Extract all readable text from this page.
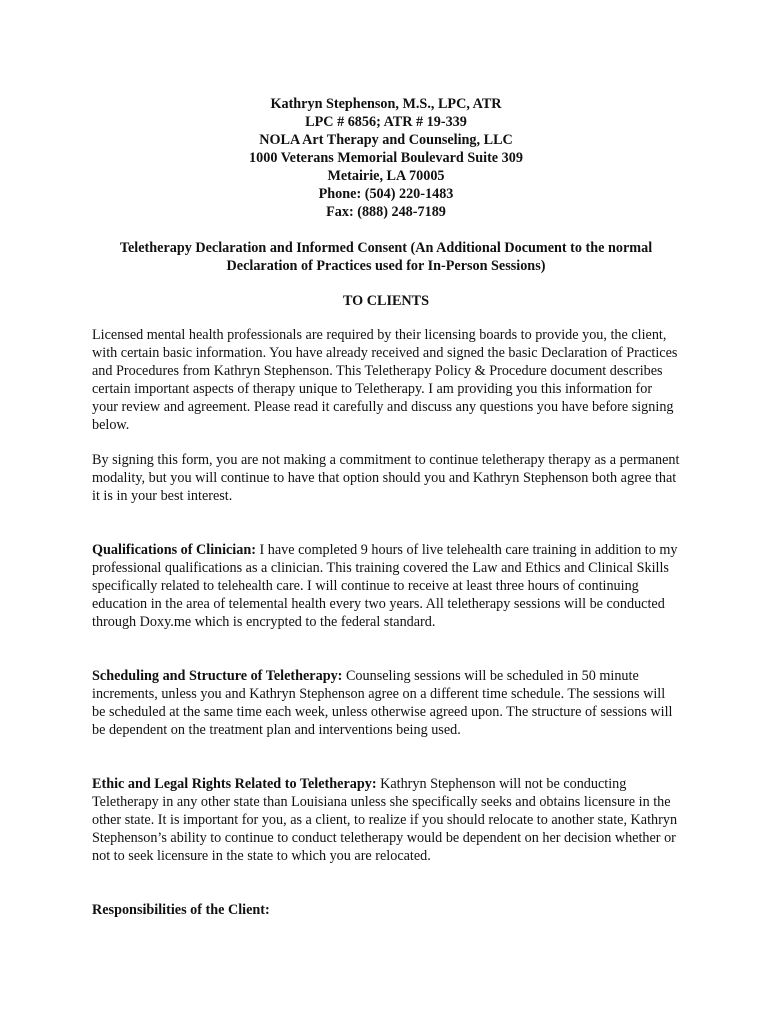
Kathryn Stephenson, M.S., LPC, ATR
LPC # 6856; ATR # 19-339
NOLA Art Therapy and Counseling, LLC
1000 Veterans Memorial Boulevard Suite 309
Metairie, LA 70005
Phone: (504) 220-1483
Fax: (888) 248-7189
Teletherapy Declaration and Informed Consent (An Additional Document to the normal Declaration of Practices used for In-Person Sessions)
TO CLIENTS

Licensed mental health professionals are required by their licensing boards to provide you, the client, with certain basic information. You have already received and signed the basic Declaration of Practices and Procedures from Kathryn Stephenson. This Teletherapy Policy & Procedure document describes certain important aspects of therapy unique to Teletherapy. I am providing you this information for your review and agreement. Please read it carefully and discuss any questions you have before signing below.

By signing this form, you are not making a commitment to continue teletherapy therapy as a permanent modality, but you will continue to have that option should you and Kathryn Stephenson both agree that it is in your best interest.

Qualifications of Clinician: I have completed 9 hours of live telehealth care training in addition to my professional qualifications as a clinician. This training covered the Law and Ethics and Clinical Skills specifically related to telehealth care. I will continue to receive at least three hours of continuing education in the area of telemental health every two years. All teletherapy sessions will be conducted through Doxy.me which is encrypted to the federal standard.

Scheduling and Structure of Teletherapy: Counseling sessions will be scheduled in 50 minute increments, unless you and Kathryn Stephenson agree on a different time schedule. The sessions will be scheduled at the same time each week, unless otherwise agreed upon. The structure of sessions will be dependent on the treatment plan and interventions being used.

Ethic and Legal Rights Related to Teletherapy: Kathryn Stephenson will not be conducting Teletherapy in any other state than Louisiana unless she specifically seeks and obtains licensure in the other state. It is important for you, as a client, to realize if you should relocate to another state, Kathryn Stephenson’s ability to continue to conduct teletherapy would be dependent on her decision whether or not to seek licensure in the state to which you are relocated.

Responsibilities of the Client:
